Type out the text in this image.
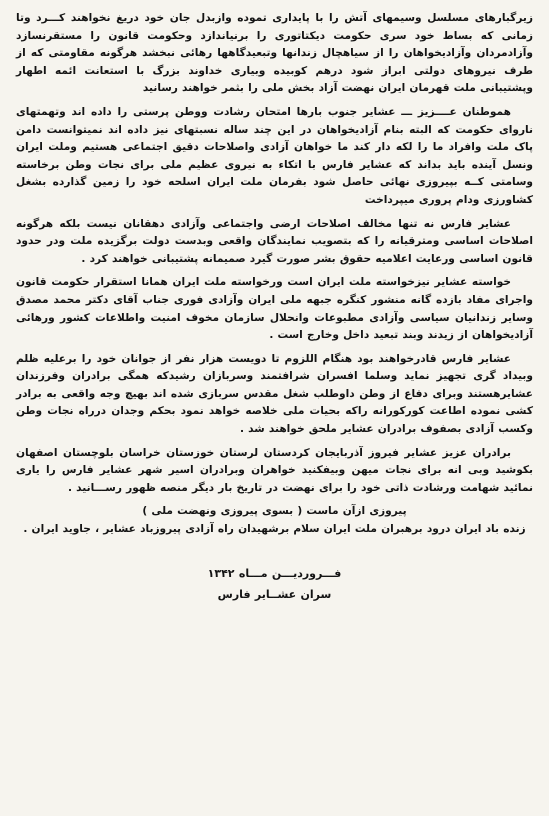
زیرگبارهای مسلسل وسیمهای آتش را با پایداری تموده وازبدل جان خود دریغ نخواهند کـــرد وتا زمانی که بساط خود سری حکومت دیکتاتوری را برنیاندازد وحکومت قانون را مستقرنسازد وآزادمردان وآزادیخواهان را از سیاهچال زندانها وتبعیدگاهها رهائی نبخشد هرگونه مقاومتی که از طرف نیروهای دولتی ابراز شود درهم کوبیده وبیاری خداوند بزرگ با استعانت ائمه اطهار وپشتیبانی ملت قهرمان ایران نهضت آزاد بخش ملی را بثمر خواهند رسانید

هموطنان عــــزیز ـــ عشایر جنوب بارها امتحان رشادت ووطن پرستی را داده اند وتهمتهای ناروای حکومت که البته بنام آزادیخواهان در این چند ساله نسبتهای نیز داده اند نمیتوانست دامن پاک ملت وافراد ما را لکه دار کند ما خواهان آزادی واصلاحات دقیق اجتماعی هستیم وملت ایران ونسل آینده باید بداند که عشایر فارس با اتکاء به نیروی عظیم ملی برای نجات وطن برخاسته وسامتی کــه بپیروزی نهائی حاصل شود بفرمان ملت ایران اسلحه خود را زمین گذارده بشغل کشاورزی ودام پروری میپرداخت

عشایر فارس نه تنها مخالف اصلاحات ارضی واجتماعی وآزادی دهقانان نیست بلکه هرگونه اصلاحات اساسی ومترقیانه را که بتصویب نمایندگان واقعی وبدست دولت برگزیده ملت ودر حدود قانون اساسی ورعایت اعلامیه حقوق بشر صورت گیرد صمیمانه پشتیبانی خواهند کرد .

خواسته عشایر نیزخواسته ملت ایران است ورخواسته ملت ایران همانا استقرار حکومت قانون واجرای مفاد بازده گانه منشور کنگره جبهه ملی ایران وآزادی فوری جناب آقای دکتر محمد مصدق وسایر زندانیان سیاسی وآزادی مطبوعات وانحلال سازمان مخوف امنیت واطلاعات کشور ورهائی آزادیخواهان از زیدند وبند تبعید داخل وخارج است .

عشایر فارس قادرخواهند بود هنگام اللزوم تا دویست هزار نفر از جوانان خود را برعلیه ظلم وبیداد گری تجهیز نماید وسلما افسران شرافتمند وسربازان رشیدکه همگی برادران وفرزندان عشایرهستند وبرای دفاع از وطن داوطلب شغل مقدس سربازی شده اند بهیچ وجه واقعی به برادر کشی نموده اطاعت کورکورانه راکه بحیات ملی خلاصه خواهد نمود بحکم وجدان درراه نجات وطن وکسب آزادی بصفوف برادران عشایر ملحق خواهند شد .

برادران عزیز عشایر فیروز آذربایجان کردستان لرستان خوزستان خراسان بلوچستان اصفهان بکوشید وبی انه برای نجات میهن وبیفکنید خواهران وبرادران اسیر شهر عشایر فارس را یاری نمائید شهامت ورشادت ذاتی خود را برای نهضت در تاریخ بار دیگر منصه ظهور رســـانید .

پیروزی ازآن ماست ( بسوی پیروزی ونهضت ملی )

زنده باد ایران درود برهبران ملت ایران سلام برشهیدان راه آزادی پیروزباد عشایر ، جاوید ایران .

فـــروردیـــن مـــاه ۱۳۴۲

سران عشــایر فارس
